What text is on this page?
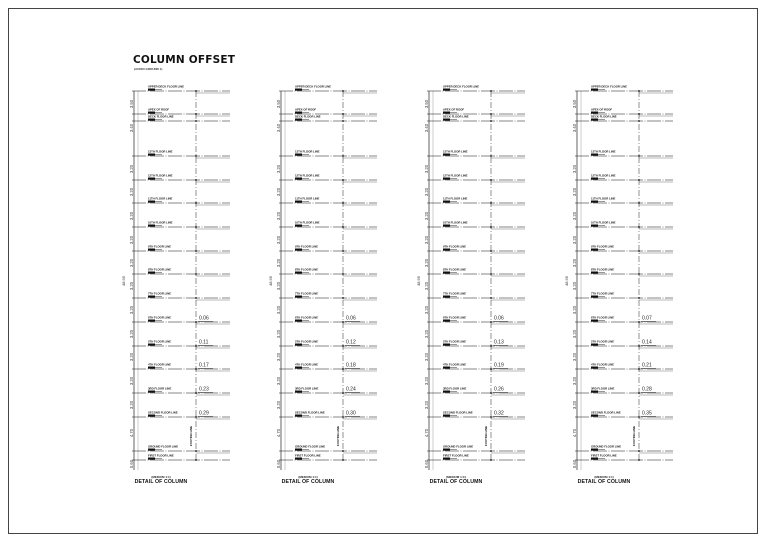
COLUMN OFFSET

(AUDIO GROUND 1)

48.95
UPPER DECK FLOOR LINE
APEX OF ROOF
DECK FLOOR LINE
13TH FLOOR LINE
12TH FLOOR LINE
11TH FLOOR LINE
10TH FLOOR LINE
9TH FLOOR LINE
8TH FLOOR LINE
7TH FLOOR LINE
6TH FLOOR LINE
5TH FLOOR LINE
4TH FLOOR LINE
3RD FLOOR LINE
SECOND FLOOR LINE
GROUND FLOOR LINE
FIRST FLOOR LINE
3.50
3.40
3.20
3.20
3.20
3.20
3.20
3.20
3.20
3.20
3.20
3.20
3.20
4.70
0.60
0.06
0.11
0.17
0.23
0.29
FOOTING LINE
48.95
UPPER DECK FLOOR LINE
APEX OF ROOF
DECK FLOOR LINE
13TH FLOOR LINE
12TH FLOOR LINE
11TH FLOOR LINE
10TH FLOOR LINE
9TH FLOOR LINE
8TH FLOOR LINE
7TH FLOOR LINE
6TH FLOOR LINE
5TH FLOOR LINE
4TH FLOOR LINE
3RD FLOOR LINE
SECOND FLOOR LINE
GROUND FLOOR LINE
FIRST FLOOR LINE
3.50
3.40
3.20
3.20
3.20
3.20
3.20
3.20
3.20
3.20
3.20
3.20
3.20
4.70
0.60
0.06
0.12
0.18
0.24
0.30
FOOTING LINE
48.95
UPPER DECK FLOOR LINE
APEX OF ROOF
DECK FLOOR LINE
13TH FLOOR LINE
12TH FLOOR LINE
11TH FLOOR LINE
10TH FLOOR LINE
9TH FLOOR LINE
8TH FLOOR LINE
7TH FLOOR LINE
6TH FLOOR LINE
5TH FLOOR LINE
4TH FLOOR LINE
3RD FLOOR LINE
SECOND FLOOR LINE
GROUND FLOOR LINE
FIRST FLOOR LINE
3.50
3.40
3.20
3.20
3.20
3.20
3.20
3.20
3.20
3.20
3.20
3.20
3.20
4.70
0.60
0.06
0.13
0.19
0.26
0.32
FOOTING LINE
48.95
UPPER DECK FLOOR LINE
APEX OF ROOF
DECK FLOOR LINE
13TH FLOOR LINE
12TH FLOOR LINE
11TH FLOOR LINE
10TH FLOOR LINE
9TH FLOOR LINE
8TH FLOOR LINE
7TH FLOOR LINE
6TH FLOOR LINE
5TH FLOOR LINE
4TH FLOOR LINE
3RD FLOOR LINE
SECOND FLOOR LINE
GROUND FLOOR LINE
FIRST FLOOR LINE
3.50
3.40
3.20
3.20
3.20
3.20
3.20
3.20
3.20
3.20
3.20
3.20
3.20
4.70
0.60
0.07
0.14
0.21
0.28
0.35
FOOTING LINE
(MEDIUM 1:1)
DETAIL OF COLUMN
(MEDIUM 1:1)
DETAIL OF COLUMN
(MEDIUM 1:C)
DETAIL OF COLUMN
(MEDIUM 1:1)
DETAIL OF COLUMN
